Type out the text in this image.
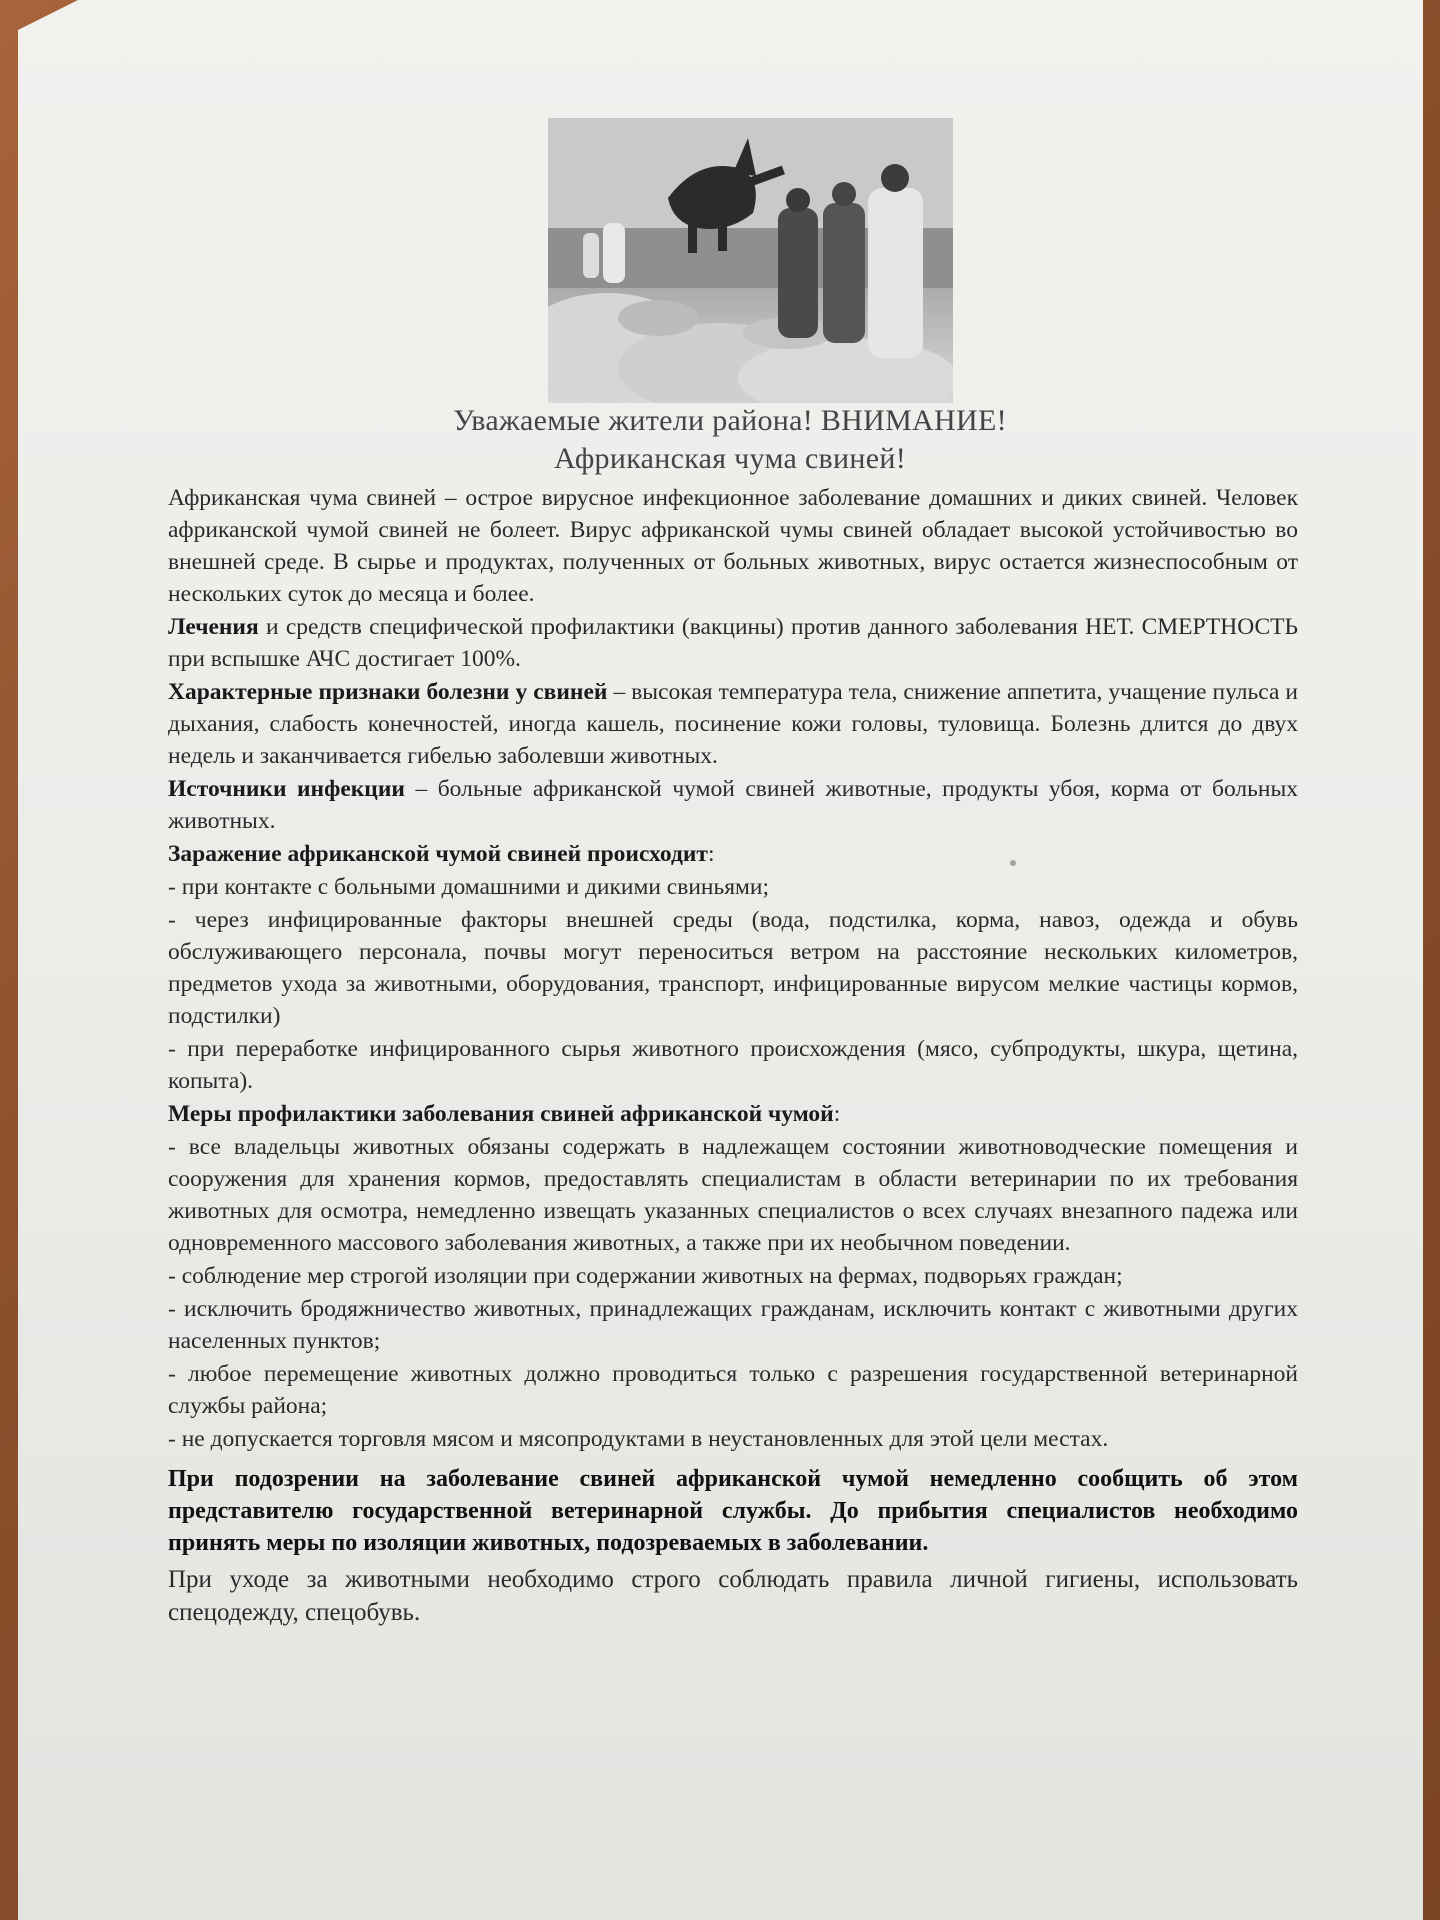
Уважаемые жители района! ВНИМАНИЕ!
Африканская чума свиней!

Африканская чума свиней – острое вирусное инфекционное заболевание домашних и диких свиней. Человек африканской чумой свиней не болеет. Вирус африканской чумы свиней обладает высокой устойчивостью во внешней среде. В сырье и продуктах, полученных от больных животных, вирус остается жизнеспособным от нескольких суток до месяца и более.

Лечения и средств специфической профилактики (вакцины) против данного заболевания НЕТ. СМЕРТНОСТЬ при вспышке АЧС достигает 100%.

Характерные признаки болезни у свиней – высокая температура тела, снижение аппетита, учащение пульса и дыхания, слабость конечностей, иногда кашель, посинение кожи головы, туловища. Болезнь длится до двух недель и заканчивается гибелью заболевши животных.

Источники инфекции – больные африканской чумой свиней животные, продукты убоя, корма от больных животных.

Заражение африканской чумой свиней происходит:

- при контакте с больными домашними и дикими свиньями;

- через инфицированные факторы внешней среды (вода, подстилка, корма, навоз, одежда и обувь обслуживающего персонала, почвы могут переноситься ветром на расстояние нескольких километров, предметов ухода за животными, оборудования, транспорт, инфицированные вирусом мелкие частицы кормов, подстилки)

- при переработке инфицированного сырья животного происхождения (мясо, субпродукты, шкура, щетина, копыта).

Меры профилактики заболевания свиней африканской чумой:

- все владельцы животных обязаны содержать в надлежащем состоянии животноводческие помещения и сооружения для хранения кормов, предоставлять специалистам в области ветеринарии по их требования животных для осмотра, немедленно извещать указанных специалистов о всех случаях внезапного падежа или одновременного массового заболевания животных, а также при их необычном поведении.

- соблюдение мер строгой изоляции при содержании животных на фермах, подворьях граждан;

- исключить бродяжничество животных, принадлежащих гражданам, исключить контакт с животными других населенных пунктов;

- любое перемещение животных должно проводиться только с разрешения государственной ветеринарной службы района;

- не допускается торговля мясом и мясопродуктами в неустановленных для этой цели местах.

При подозрении на заболевание свиней африканской чумой немедленно сообщить об этом представителю государственной ветеринарной службы. До прибытия специалистов необходимо принять меры по изоляции животных, подозреваемых в заболевании.

При уходе за животными необходимо строго соблюдать правила личной гигиены, использовать спецодежду, спецобувь.
